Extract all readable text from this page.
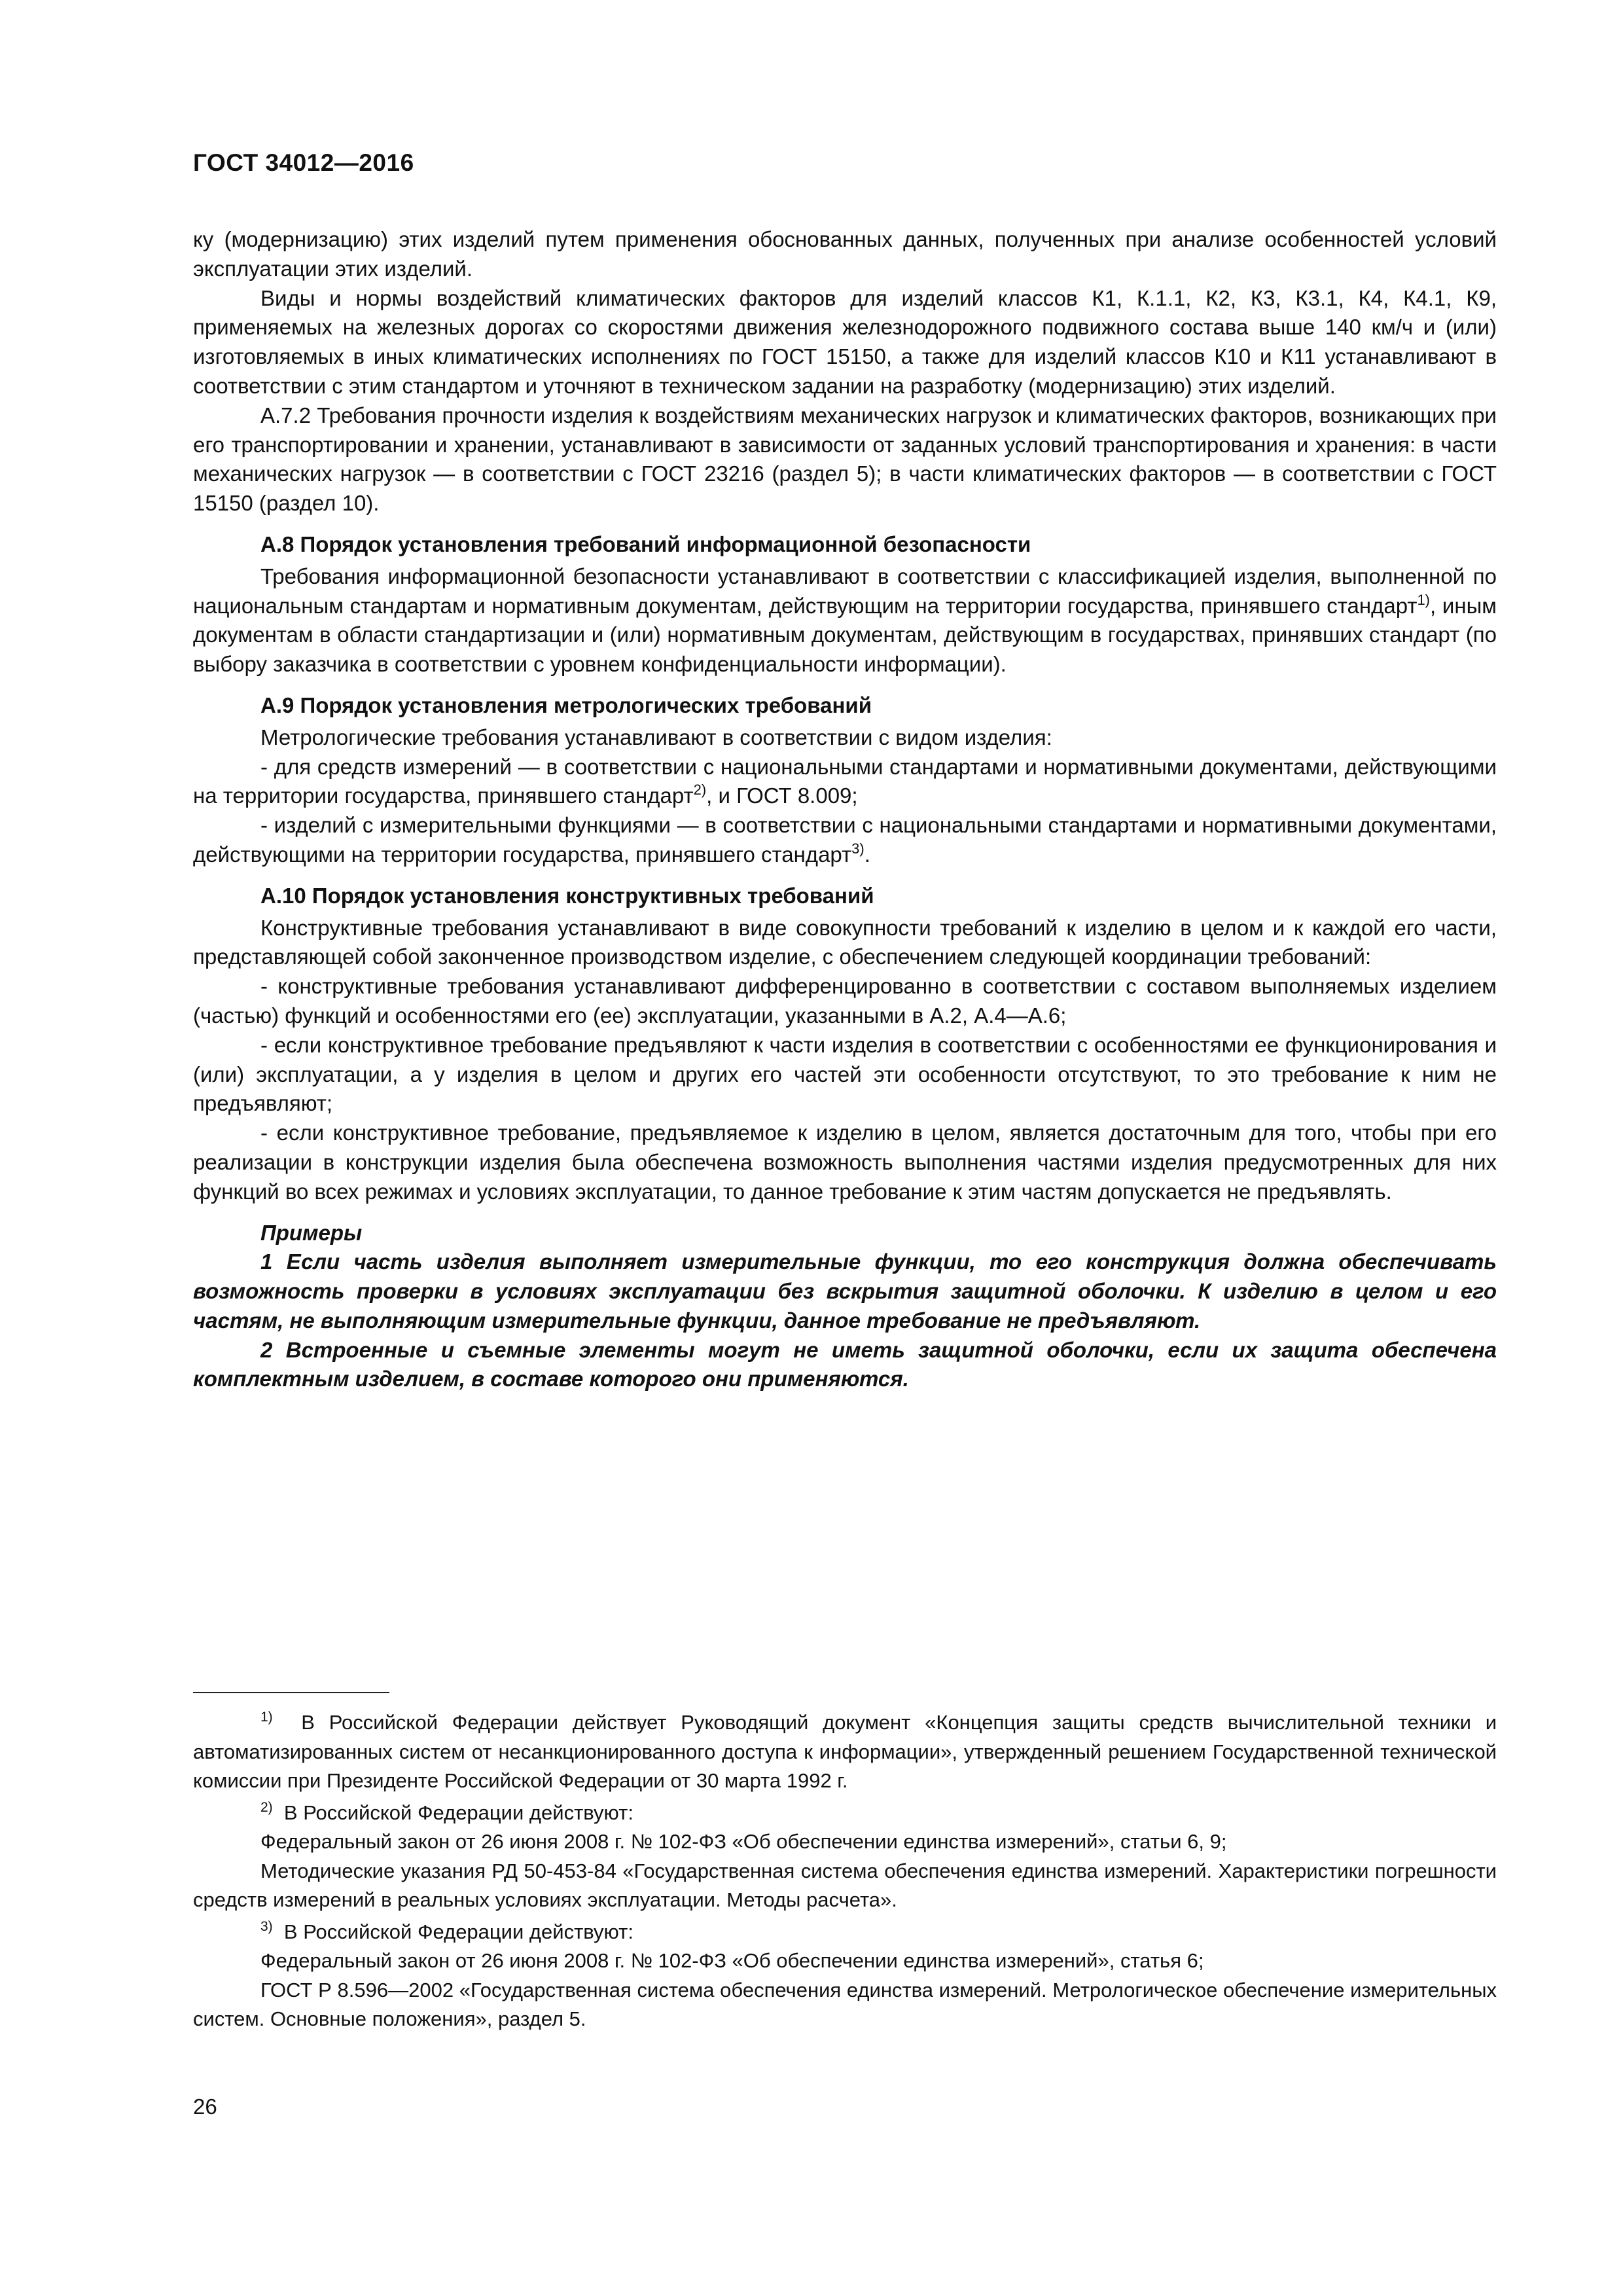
ГОСТ 34012—2016

ку (модернизацию) этих изделий путем применения обоснованных данных, полученных при анализе особенностей условий эксплуатации этих изделий.

Виды и нормы воздействий климатических факторов для изделий классов К1, К.1.1, К2, К3, К3.1, К4, К4.1, К9, применяемых на железных дорогах со скоростями движения железнодорожного подвижного состава выше 140 км/ч и (или) изготовляемых в иных климатических исполнениях по ГОСТ 15150, а также для изделий классов К10 и К11 устанавливают в соответствии с этим стандартом и уточняют в техническом задании на разработку (модернизацию) этих изделий.

А.7.2 Требования прочности изделия к воздействиям механических нагрузок и климатических факторов, возникающих при его транспортировании и хранении, устанавливают в зависимости от заданных условий транспортирования и хранения: в части механических нагрузок — в соответствии с ГОСТ 23216 (раздел 5); в части климатических факторов — в соответствии с ГОСТ 15150 (раздел 10).

А.8 Порядок установления требований информационной безопасности

Требования информационной безопасности устанавливают в соответствии с классификацией изделия, выполненной по национальным стандартам и нормативным документам, действующим на территории государства, принявшего стандарт$^{1)}$, иным документам в области стандартизации и (или) нормативным документам, действующим в государствах, принявших стандарт (по выбору заказчика в соответствии с уровнем конфиденциальности информации).

А.9 Порядок установления метрологических требований

Метрологические требования устанавливают в соответствии с видом изделия:

- для средств измерений — в соответствии с национальными стандартами и нормативными документами, действующими на территории государства, принявшего стандарт$^{2)}$, и ГОСТ 8.009;

- изделий с измерительными функциями — в соответствии с национальными стандартами и нормативными документами, действующими на территории государства, принявшего стандарт$^{3)}$.

А.10 Порядок установления конструктивных требований

Конструктивные требования устанавливают в виде совокупности требований к изделию в целом и к каждой его части, представляющей собой законченное производством изделие, с обеспечением следующей координации требований:

- конструктивные требования устанавливают дифференцированно в соответствии с составом выполняемых изделием (частью) функций и особенностями его (ее) эксплуатации, указанными в А.2, А.4—А.6;

- если конструктивное требование предъявляют к части изделия в соответствии с особенностями ее функционирования и (или) эксплуатации, а у изделия в целом и других его частей эти особенности отсутствуют, то это требование к ним не предъявляют;

- если конструктивное требование, предъявляемое к изделию в целом, является достаточным для того, чтобы при его реализации в конструкции изделия была обеспечена возможность выполнения частями изделия предусмотренных для них функций во всех режимах и условиях эксплуатации, то данное требование к этим частям допускается не предъявлять.

Примеры

1 Если часть изделия выполняет измерительные функции, то его конструкция должна обеспечивать возможность проверки в условиях эксплуатации без вскрытия защитной оболочки. К изделию в целом и его частям, не выполняющим измерительные функции, данное требование не предъявляют.

2 Встроенные и съемные элементы могут не иметь защитной оболочки, если их защита обеспечена комплектным изделием, в составе которого они применяются.

$^{1)}$ В Российской Федерации действует Руководящий документ «Концепция защиты средств вычислительной техники и автоматизированных систем от несанкционированного доступа к информации», утвержденный решением Государственной технической комиссии при Президенте Российской Федерации от 30 марта 1992 г.

$^{2)}$ В Российской Федерации действуют:

Федеральный закон от 26 июня 2008 г. № 102-ФЗ «Об обеспечении единства измерений», статьи 6, 9;

Методические указания РД 50-453-84 «Государственная система обеспечения единства измерений. Характеристики погрешности средств измерений в реальных условиях эксплуатации. Методы расчета».

$^{3)}$ В Российской Федерации действуют:

Федеральный закон от 26 июня 2008 г. № 102-ФЗ «Об обеспечении единства измерений», статья 6;

ГОСТ Р 8.596—2002 «Государственная система обеспечения единства измерений. Метрологическое обеспечение измерительных систем. Основные положения», раздел 5.

26
